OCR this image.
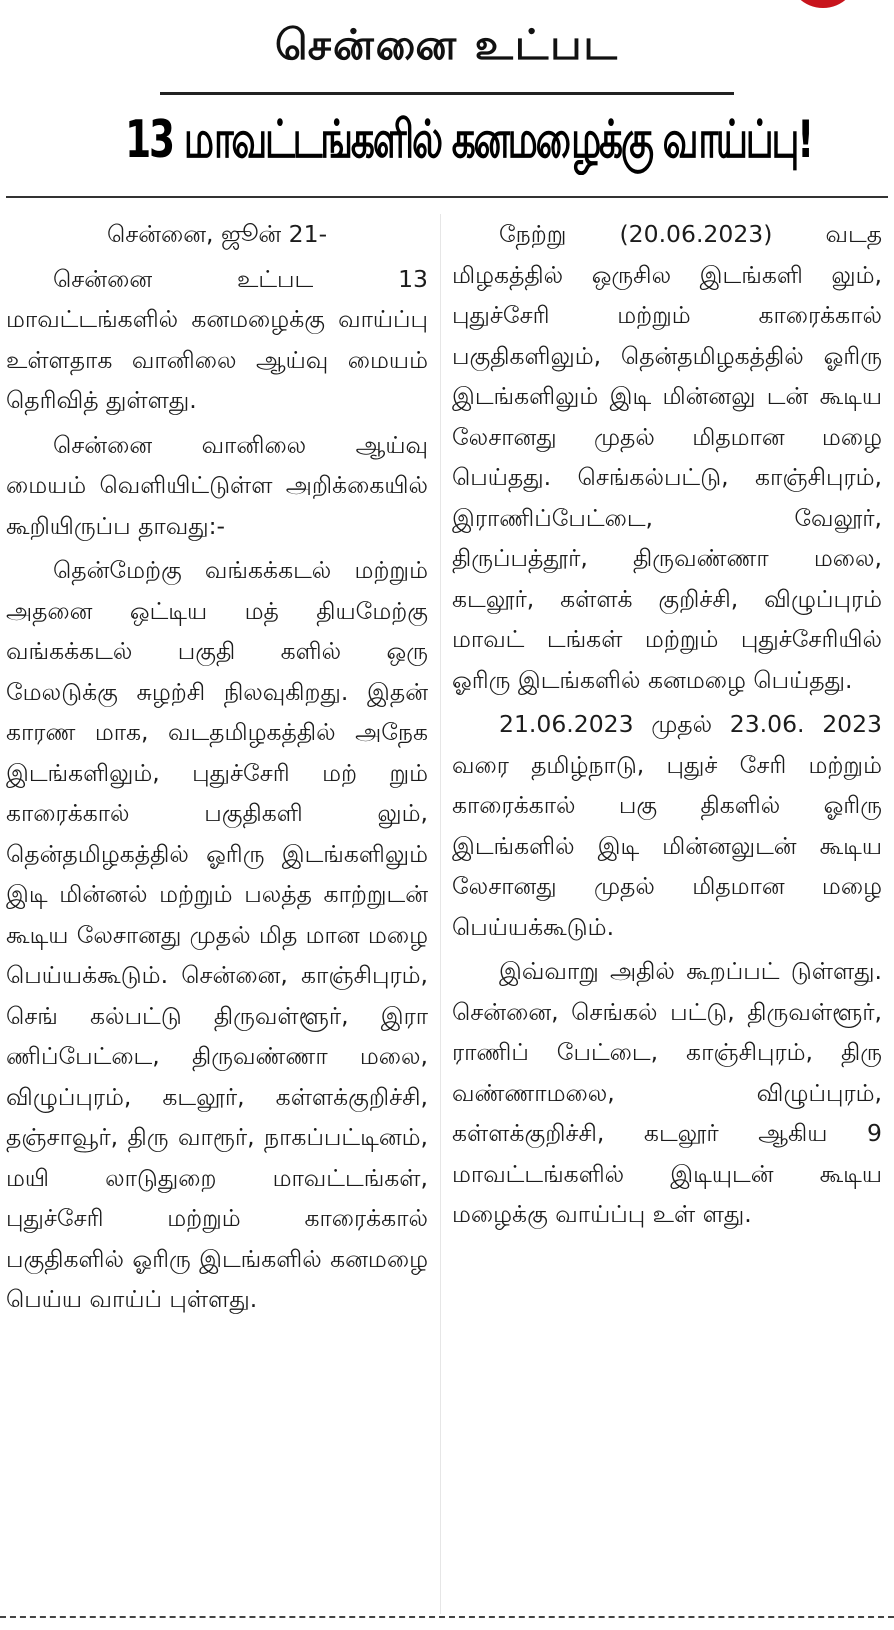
சென்னை உட்பட
13 மாவட்டங்களில் கனமழைக்கு வாய்ப்பு!

சென்னை, ஜூன் 21-

சென்னை உட்பட 13 மாவட்டங்களில் கனமழைக்கு வாய்ப்பு உள்ளதாக வானிலை ஆய்வு மையம் தெரிவித் துள்ளது.

சென்னை வானிலை ஆய்வு மையம் வெளியிட்டுள்ள அறிக்கையில் கூறியிருப்ப தாவது:-

தென்மேற்கு வங்கக்கடல் மற்றும் அதனை ஒட்டிய மத் தியமேற்கு வங்கக்கடல் பகுதி களில் ஒரு மேலடுக்கு சுழற்சி நிலவுகிறது. இதன் காரண மாக, வடதமிழகத்தில் அநேக இடங்களிலும், புதுச்சேரி மற் றும் காரைக்கால் பகுதிகளி லும், தென்தமிழகத்தில் ஓரிரு இடங்களிலும் இடி மின்னல் மற்றும் பலத்த காற்றுடன் கூடிய லேசானது முதல் மித மான மழை பெய்யக்கூடும். சென்னை, காஞ்சிபுரம், செங் கல்பட்டு திருவள்ளூர், இரா ணிப்பேட்டை, திருவண்ணா மலை, விழுப்புரம், கடலூர், கள்ளக்குறிச்சி, தஞ்சாவூர், திரு வாரூர், நாகப்பட்டினம், மயி லாடுதுறை மாவட்டங்கள், புதுச்சேரி மற்றும் காரைக்கால் பகுதிகளில் ஓரிரு இடங்களில் கனமழை பெய்ய வாய்ப் புள்ளது.

நேற்று (20.06.2023) வடத மிழகத்தில் ஒருசில இடங்களி லும், புதுச்சேரி மற்றும் காரைக்கால் பகுதிகளிலும், தென்தமிழகத்தில் ஓரிரு இடங்களிலும் இடி மின்னலு டன் கூடிய லேசானது முதல் மிதமான மழை பெய்தது. செங்கல்பட்டு, காஞ்சிபுரம், இராணிப்பேட்டை, வேலூர், திருப்பத்தூர், திருவண்ணா மலை, கடலூர், கள்ளக் குறிச்சி, விழுப்புரம் மாவட் டங்கள் மற்றும் புதுச்சேரியில் ஓரிரு இடங்களில் கனமழை பெய்தது.

21.06.2023 முதல் 23.06. 2023 வரை தமிழ்நாடு, புதுச் சேரி மற்றும் காரைக்கால் பகு திகளில் ஓரிரு இடங்களில் இடி மின்னலுடன் கூடிய லேசானது முதல் மிதமான மழை பெய்யக்கூடும்.

இவ்வாறு அதில் கூறப்பட் டுள்ளது. சென்னை, செங்கல் பட்டு, திருவள்ளூர், ராணிப் பேட்டை, காஞ்சிபுரம், திரு வண்ணாமலை, விழுப்புரம், கள்ளக்குறிச்சி, கடலூர் ஆகிய 9 மாவட்டங்களில் இடியுடன் கூடிய மழைக்கு வாய்ப்பு உள் ளது.
